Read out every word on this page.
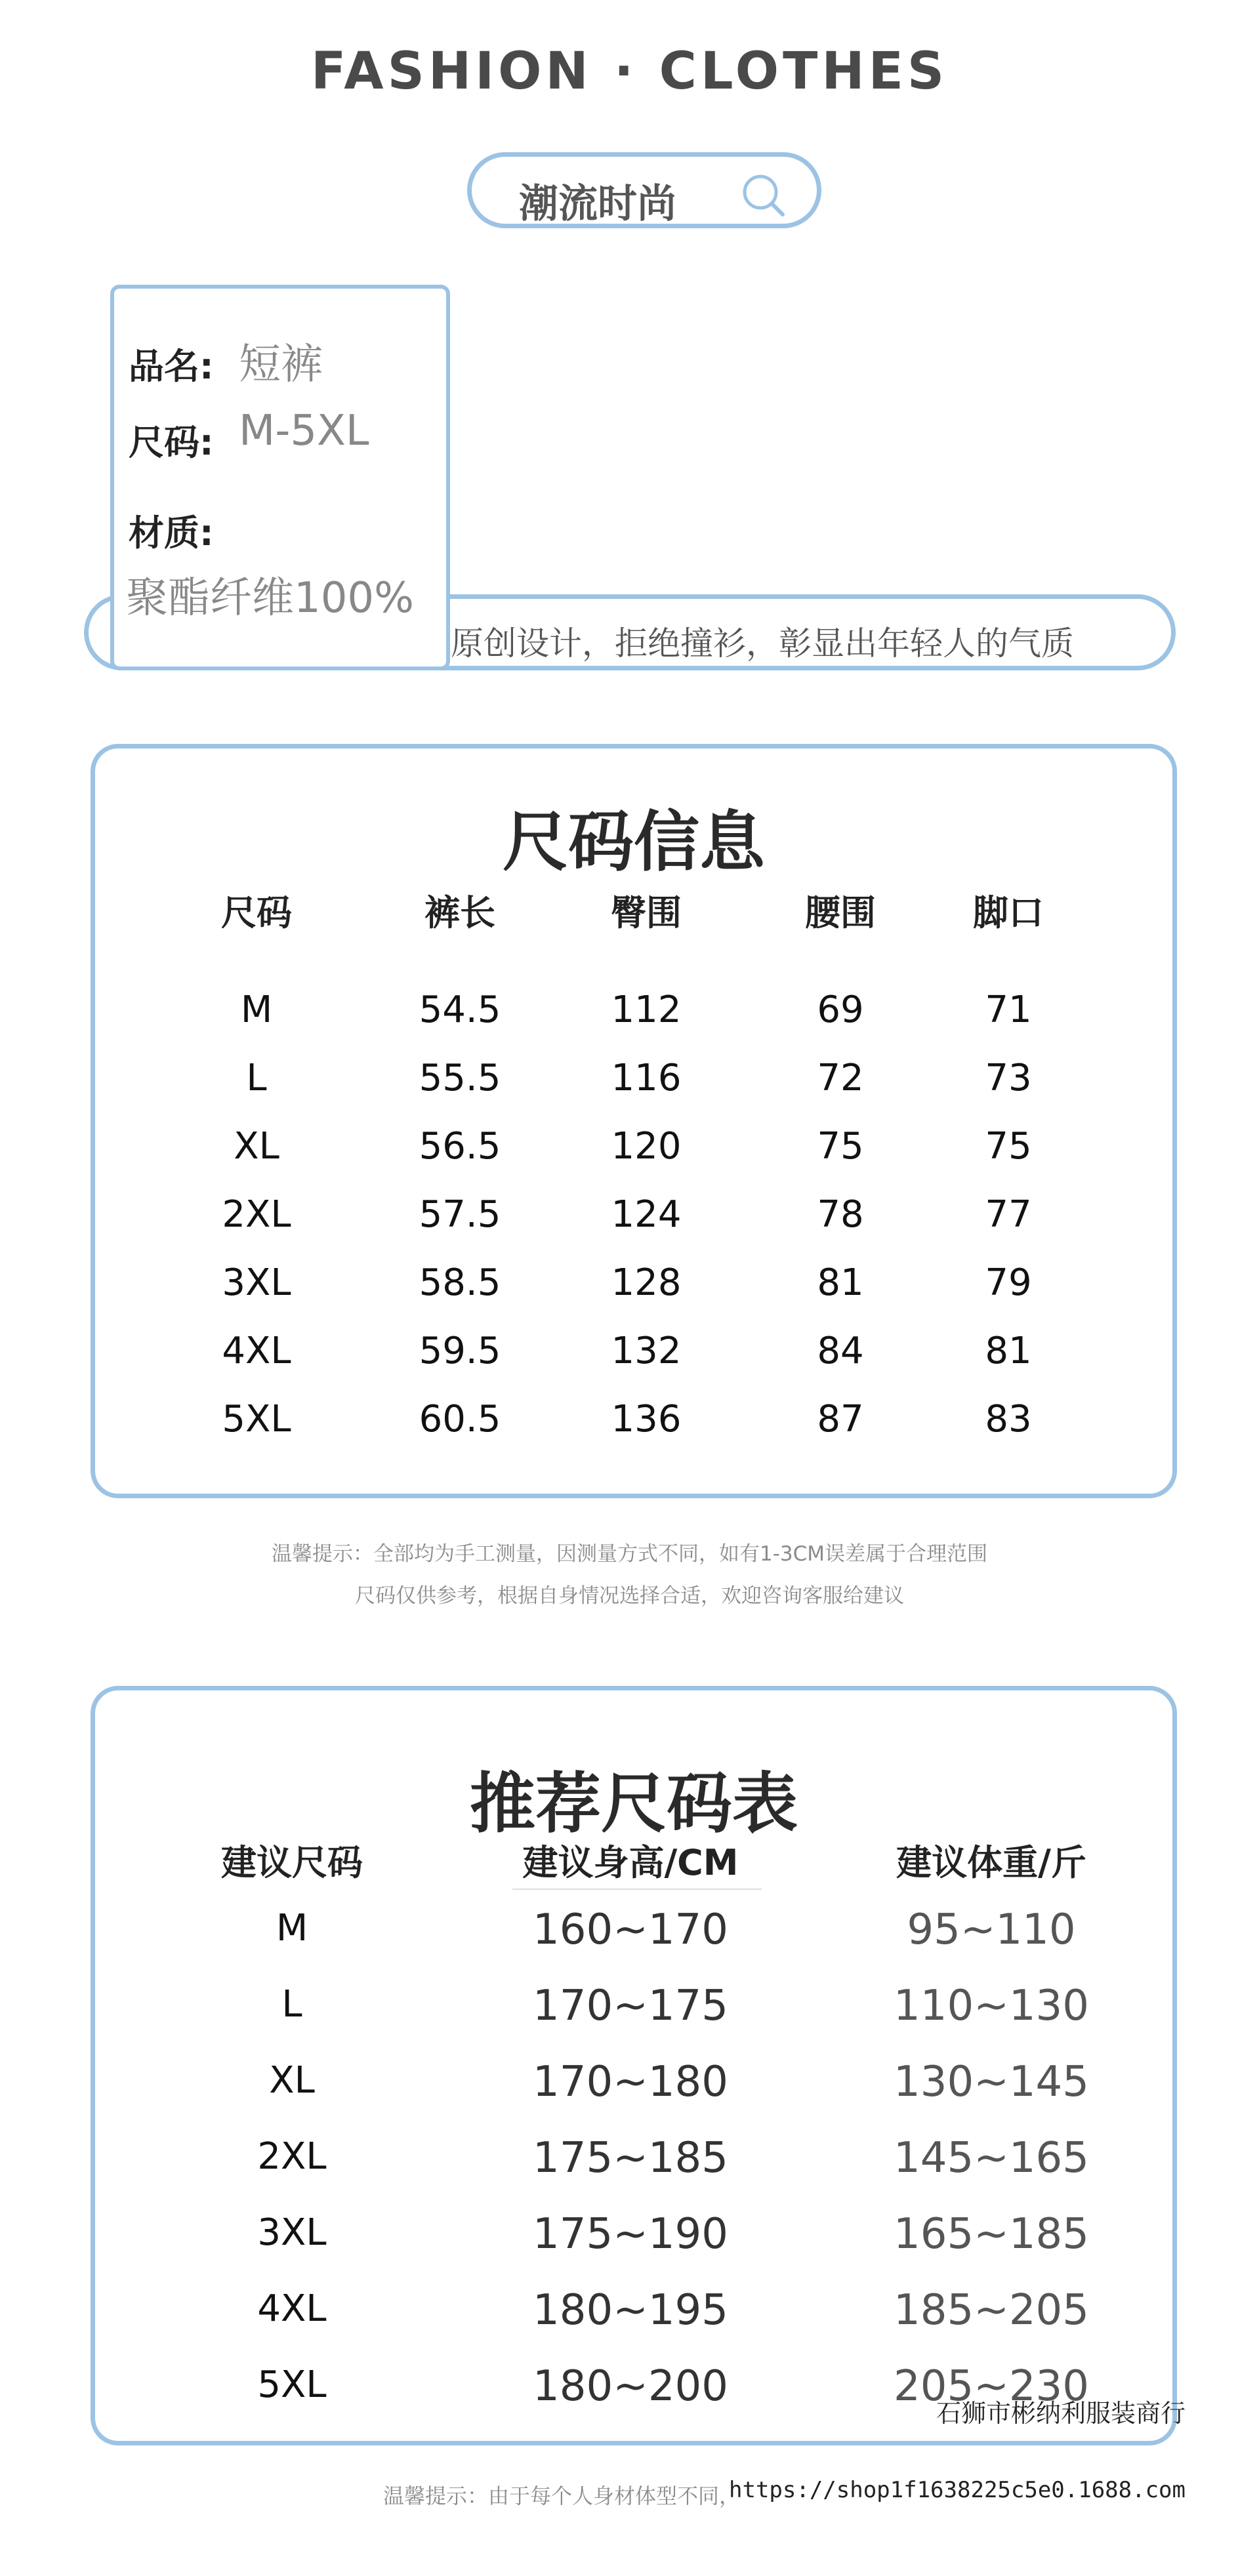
FASHION · CLOTHES
潮流时尚
原创设计，拒绝撞衫，彰显出年轻人的气质
品名: 短裤
尺码: M-5XL
材质:
聚酯纤维100%
尺码信息
尺码	裤长	臀围	腰围	脚口
M	54.5	112	69	71
L	55.5	116	72	73
XL	56.5	120	75	75
2XL	57.5	124	78	77
3XL	58.5	128	81	79
4XL	59.5	132	84	81
5XL	60.5	136	87	83
温馨提示：全部均为手工测量，因测量方式不同，如有1-3CM误差属于合理范围
尺码仅供参考，根据自身情况选择合适，欢迎咨询客服给建议
推荐尺码表
建议尺码	建议身高/CM	建议体重/斤
M	160~170	95~110
L	170~175	110~130
XL	170~180	130~145
2XL	175~185	145~165
3XL	175~190	165~185
4XL	180~195	185~205
5XL	180~200	205~230
石狮市彬纳利服装商行
温馨提示：由于每个人身材体型不同，
https://shop1f1638225c5e0.1688.com
